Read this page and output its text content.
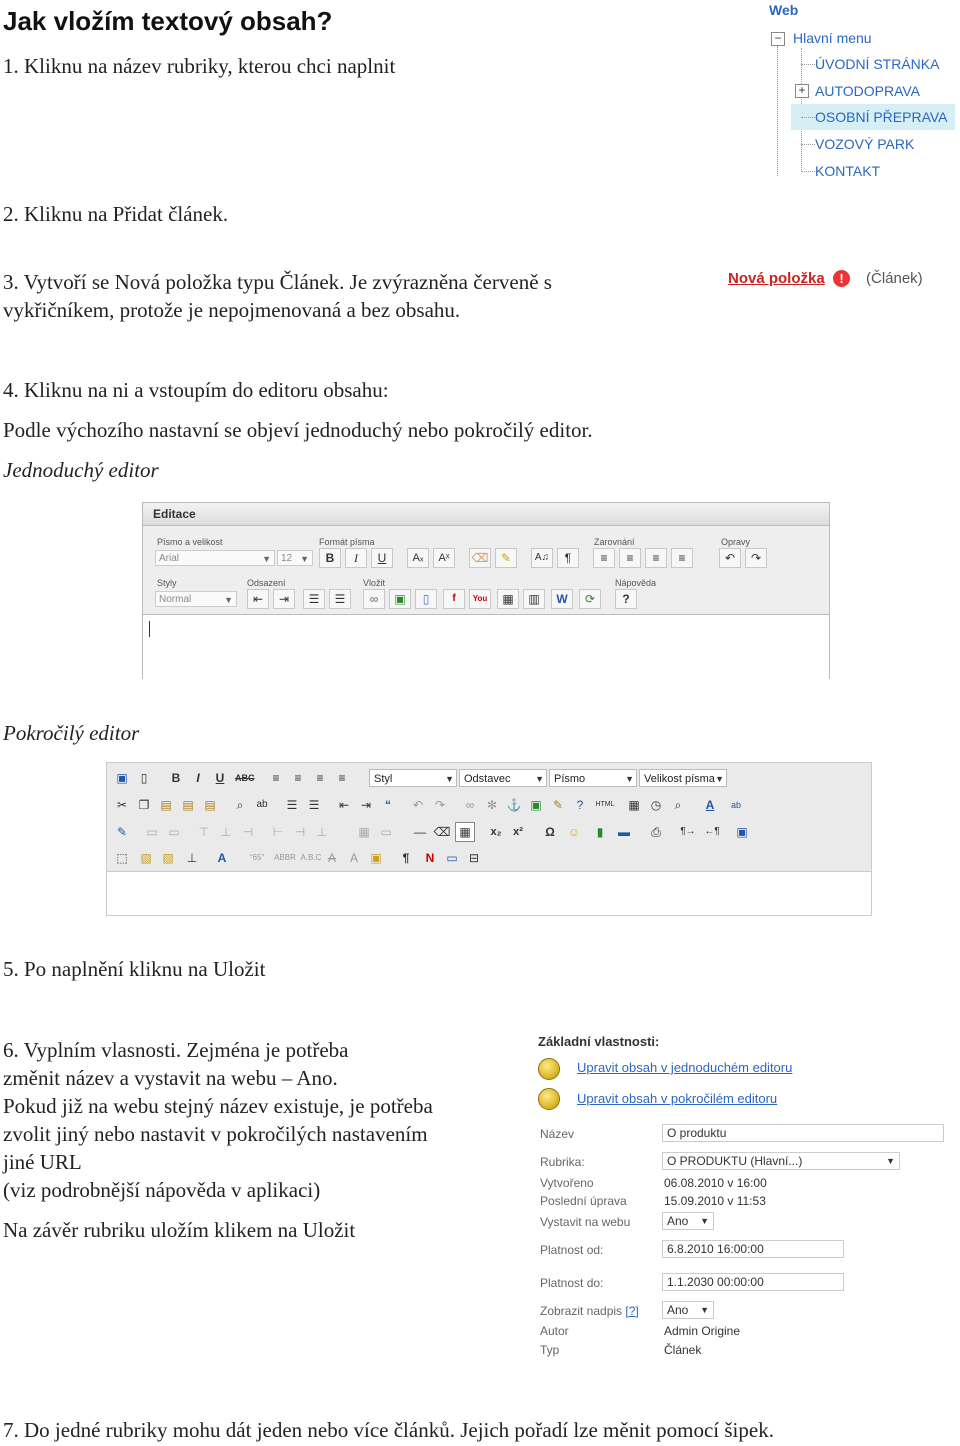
Jak vložím textový obsah?
1. Kliknu na název rubriky, kterou chci naplnit
2. Kliknu na Přidat článek.
3. Vytvoří se Nová položka typu Článek. Je zvýrazněna červeně s
vykřičníkem, protože je nepojmenovaná a bez obsahu.
4. Kliknu na ni a vstoupím do editoru obsahu:
Podle výchozího nastavní se objeví jednoduchý nebo pokročilý editor.
Jednoduchý editor
Pokročilý editor
5. Po naplnění kliknu na Uložit
6. Vyplním vlasnosti. Zejména je potřeba
změnit název a vystavit na webu – Ano.
Pokud již na webu stejný název existuje, je potřeba
zvolit jiný nebo nastavit v pokročilých nastavením
jiné URL
(viz podrobnější nápověda v aplikaci)
Na závěr rubriku uložím klikem na Uložit
7. Do jedné rubriky mohu dát jeden nebo více článků. Jejich pořadí lze měnit pomocí šipek.
Web
− Hlavní menu
ÚVODNÍ STRÁNKA
+ AUTODOPRAVA
OSOBNÍ PŘEPRAVA
VOZOVÝ PARK
KONTAKT
Nová položka	!	(Článek)
Editace
Písmo a velikost	Formát písma	Zarovnání	Opravy
Arial	▼	12 ▼	B	I	U	Aₓ	Aˣ	⌫	✎	A♫	¶	≡	≡	≡	≡	↶	↷
Styly	Odsazení	Vložit	Nápověda
Normal	▼	⇤	⇥	☰	☰	∞	▣	▯	f	You	▦	▥	W	⟳	?
▣	▯	B	I	U	ABC	≡	≡	≡	≡	Styl	▼ Odstavec	▼ Písmo	▼ Velikost písma ▼
✂ ❐ ▤ ▤ ▤	⌕	ab	☰ ☰	⇤ ⇥	“	↶ ↷	∞	✻ ⚓ ▣ ✎	?	HTML ▦ ◷	⌕	A	ab
✎	▭ ▭	⊤ ⊥ ⊣	⊢ ⊣ ⊥	▦ ▭ — ⌫ ▦	x₂	x²	Ω	☺	▮	▬	⎙	¶→ ←¶ ▣
⬚ ▧ ▧	⊥	A	“65”	ABBR A.B.C A	A	▣	¶	N	▭ ⊟
Základní vlastnosti:
Upravit obsah v jednoduchém editoru
Upravit obsah v pokročilém editoru
Název	O produktu
Rubrika:	O PRODUKTU (Hlavní...)	▼
Vytvořeno	06.08.2010 v 16:00
Poslední úprava	15.09.2010 v 11:53
Vystavit na webu	Ano ▼
Platnost od:	6.8.2010 16:00:00
Platnost do:	1.1.2030 00:00:00
Zobrazit nadpis [?]	Ano ▼
Autor	Admin Origine
Typ	Článek
